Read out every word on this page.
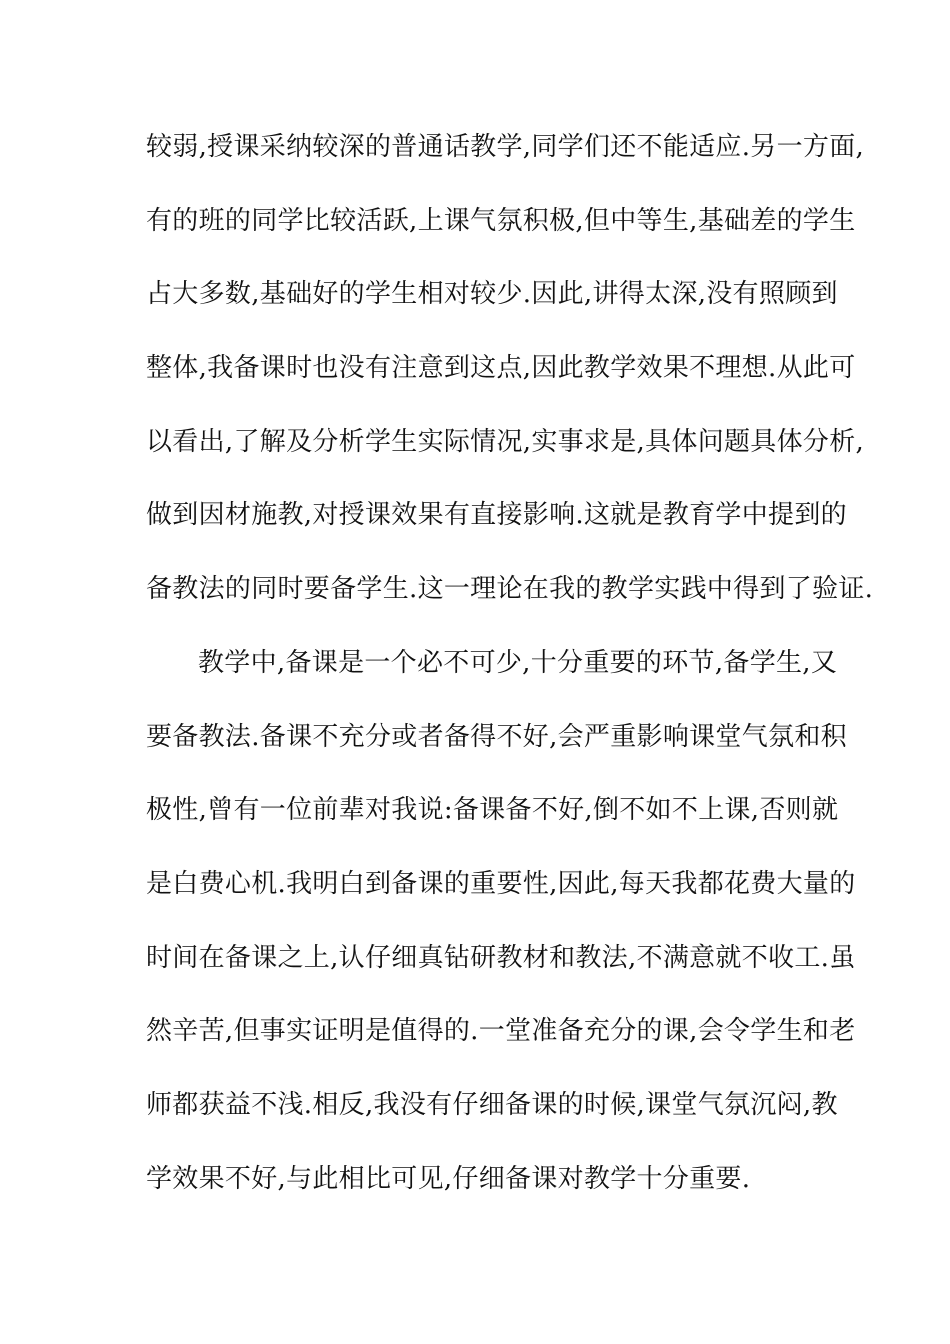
较弱,授课采纳较深的普通话教学,同学们还不能适应.另一方面,
有的班的同学比较活跃,上课气氛积极,但中等生,基础差的学生
占大多数,基础好的学生相对较少.因此,讲得太深,没有照顾到
整体,我备课时也没有注意到这点,因此教学效果不理想.从此可
以看出,了解及分析学生实际情况,实事求是,具体问题具体分析,
做到因材施教,对授课效果有直接影响.这就是教育学中提到的
备教法的同时要备学生.这一理论在我的教学实践中得到了验证.
教学中,备课是一个必不可少,十分重要的环节,备学生,又
要备教法.备课不充分或者备得不好,会严重影响课堂气氛和积
极性,曾有一位前辈对我说:备课备不好,倒不如不上课,否则就
是白费心机.我明白到备课的重要性,因此,每天我都花费大量的
时间在备课之上,认仔细真钻研教材和教法,不满意就不收工.虽
然辛苦,但事实证明是值得的.一堂准备充分的课,会令学生和老
师都获益不浅.相反,我没有仔细备课的时候,课堂气氛沉闷,教
学效果不好,与此相比可见,仔细备课对教学十分重要.
